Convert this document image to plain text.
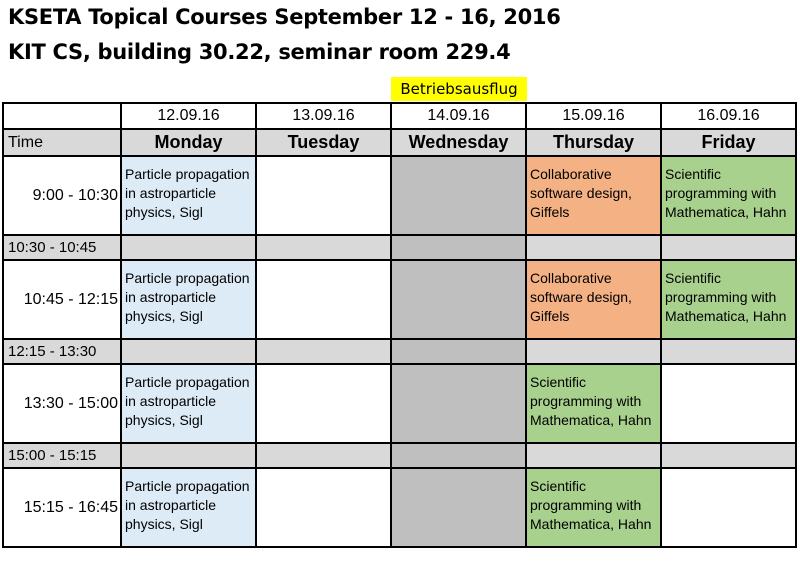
KSETA Topical Courses September 12 - 16, 2016
KIT CS, building 30.22, seminar room 229.4
Betriebsausflug
	12.09.16	13.09.16	14.09.16	15.09.16	16.09.16
Time	Monday	Tuesday	Wednesday	Thursday	Friday
9:00 - 10:30	Particle propagation in astroparticle physics, Sigl			Collaborative software design, Giffels	Scientific programming with Mathematica, Hahn
10:30 - 10:45					
10:45 - 12:15	Particle propagation in astroparticle physics, Sigl			Collaborative software design, Giffels	Scientific programming with Mathematica, Hahn
12:15 - 13:30					
13:30 - 15:00	Particle propagation in astroparticle physics, Sigl			Scientific programming with Mathematica, Hahn	
15:00 - 15:15					
15:15 - 16:45	Particle propagation in astroparticle physics, Sigl			Scientific programming with Mathematica, Hahn	
